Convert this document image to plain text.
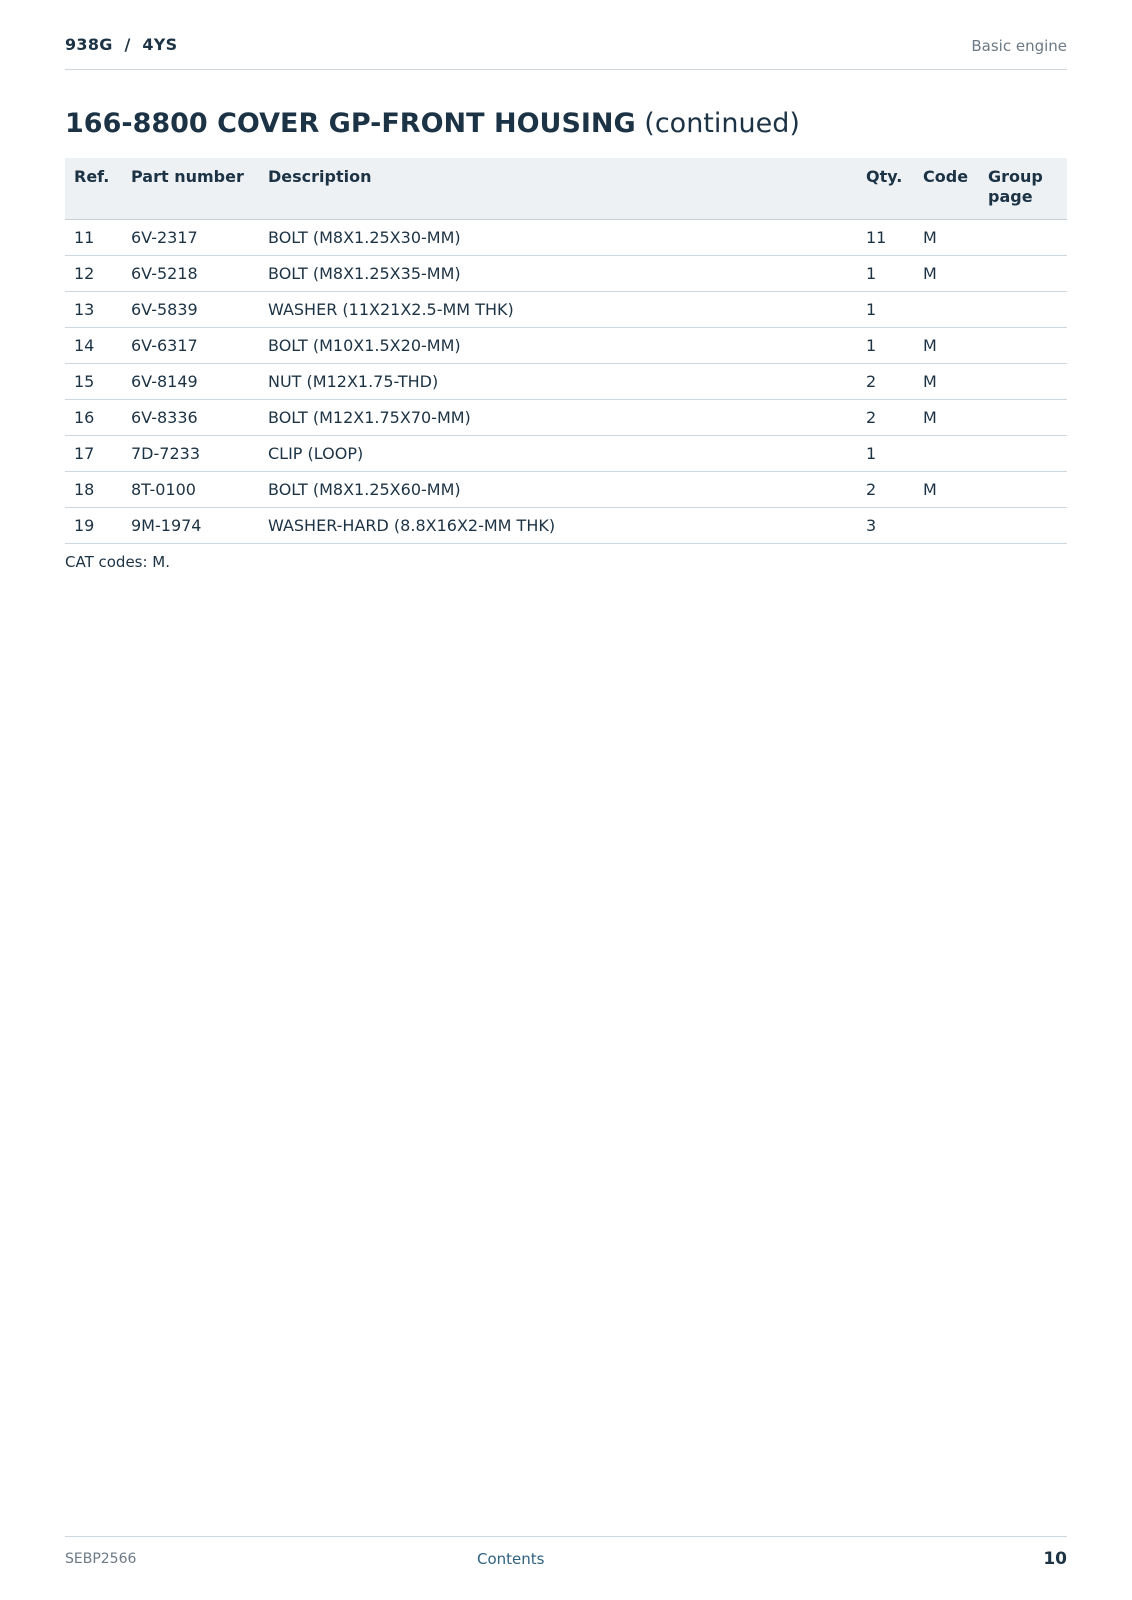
938G  /  4YS	Basic engine
166-8800 COVER GP-FRONT HOUSING (continued)
Ref.	Part number	Description	Qty.	Code	Group page
11	6V-2317	BOLT (M8X1.25X30-MM)	11	M	
12	6V-5218	BOLT (M8X1.25X35-MM)	1	M	
13	6V-5839	WASHER (11X21X2.5-MM THK)	1		
14	6V-6317	BOLT (M10X1.5X20-MM)	1	M	
15	6V-8149	NUT (M12X1.75-THD)	2	M	
16	6V-8336	BOLT (M12X1.75X70-MM)	2	M	
17	7D-7233	CLIP (LOOP)	1		
18	8T-0100	BOLT (M8X1.25X60-MM)	2	M	
19	9M-1974	WASHER-HARD (8.8X16X2-MM THK)	3		
CAT codes: M.
SEBP2566	Contents	10
